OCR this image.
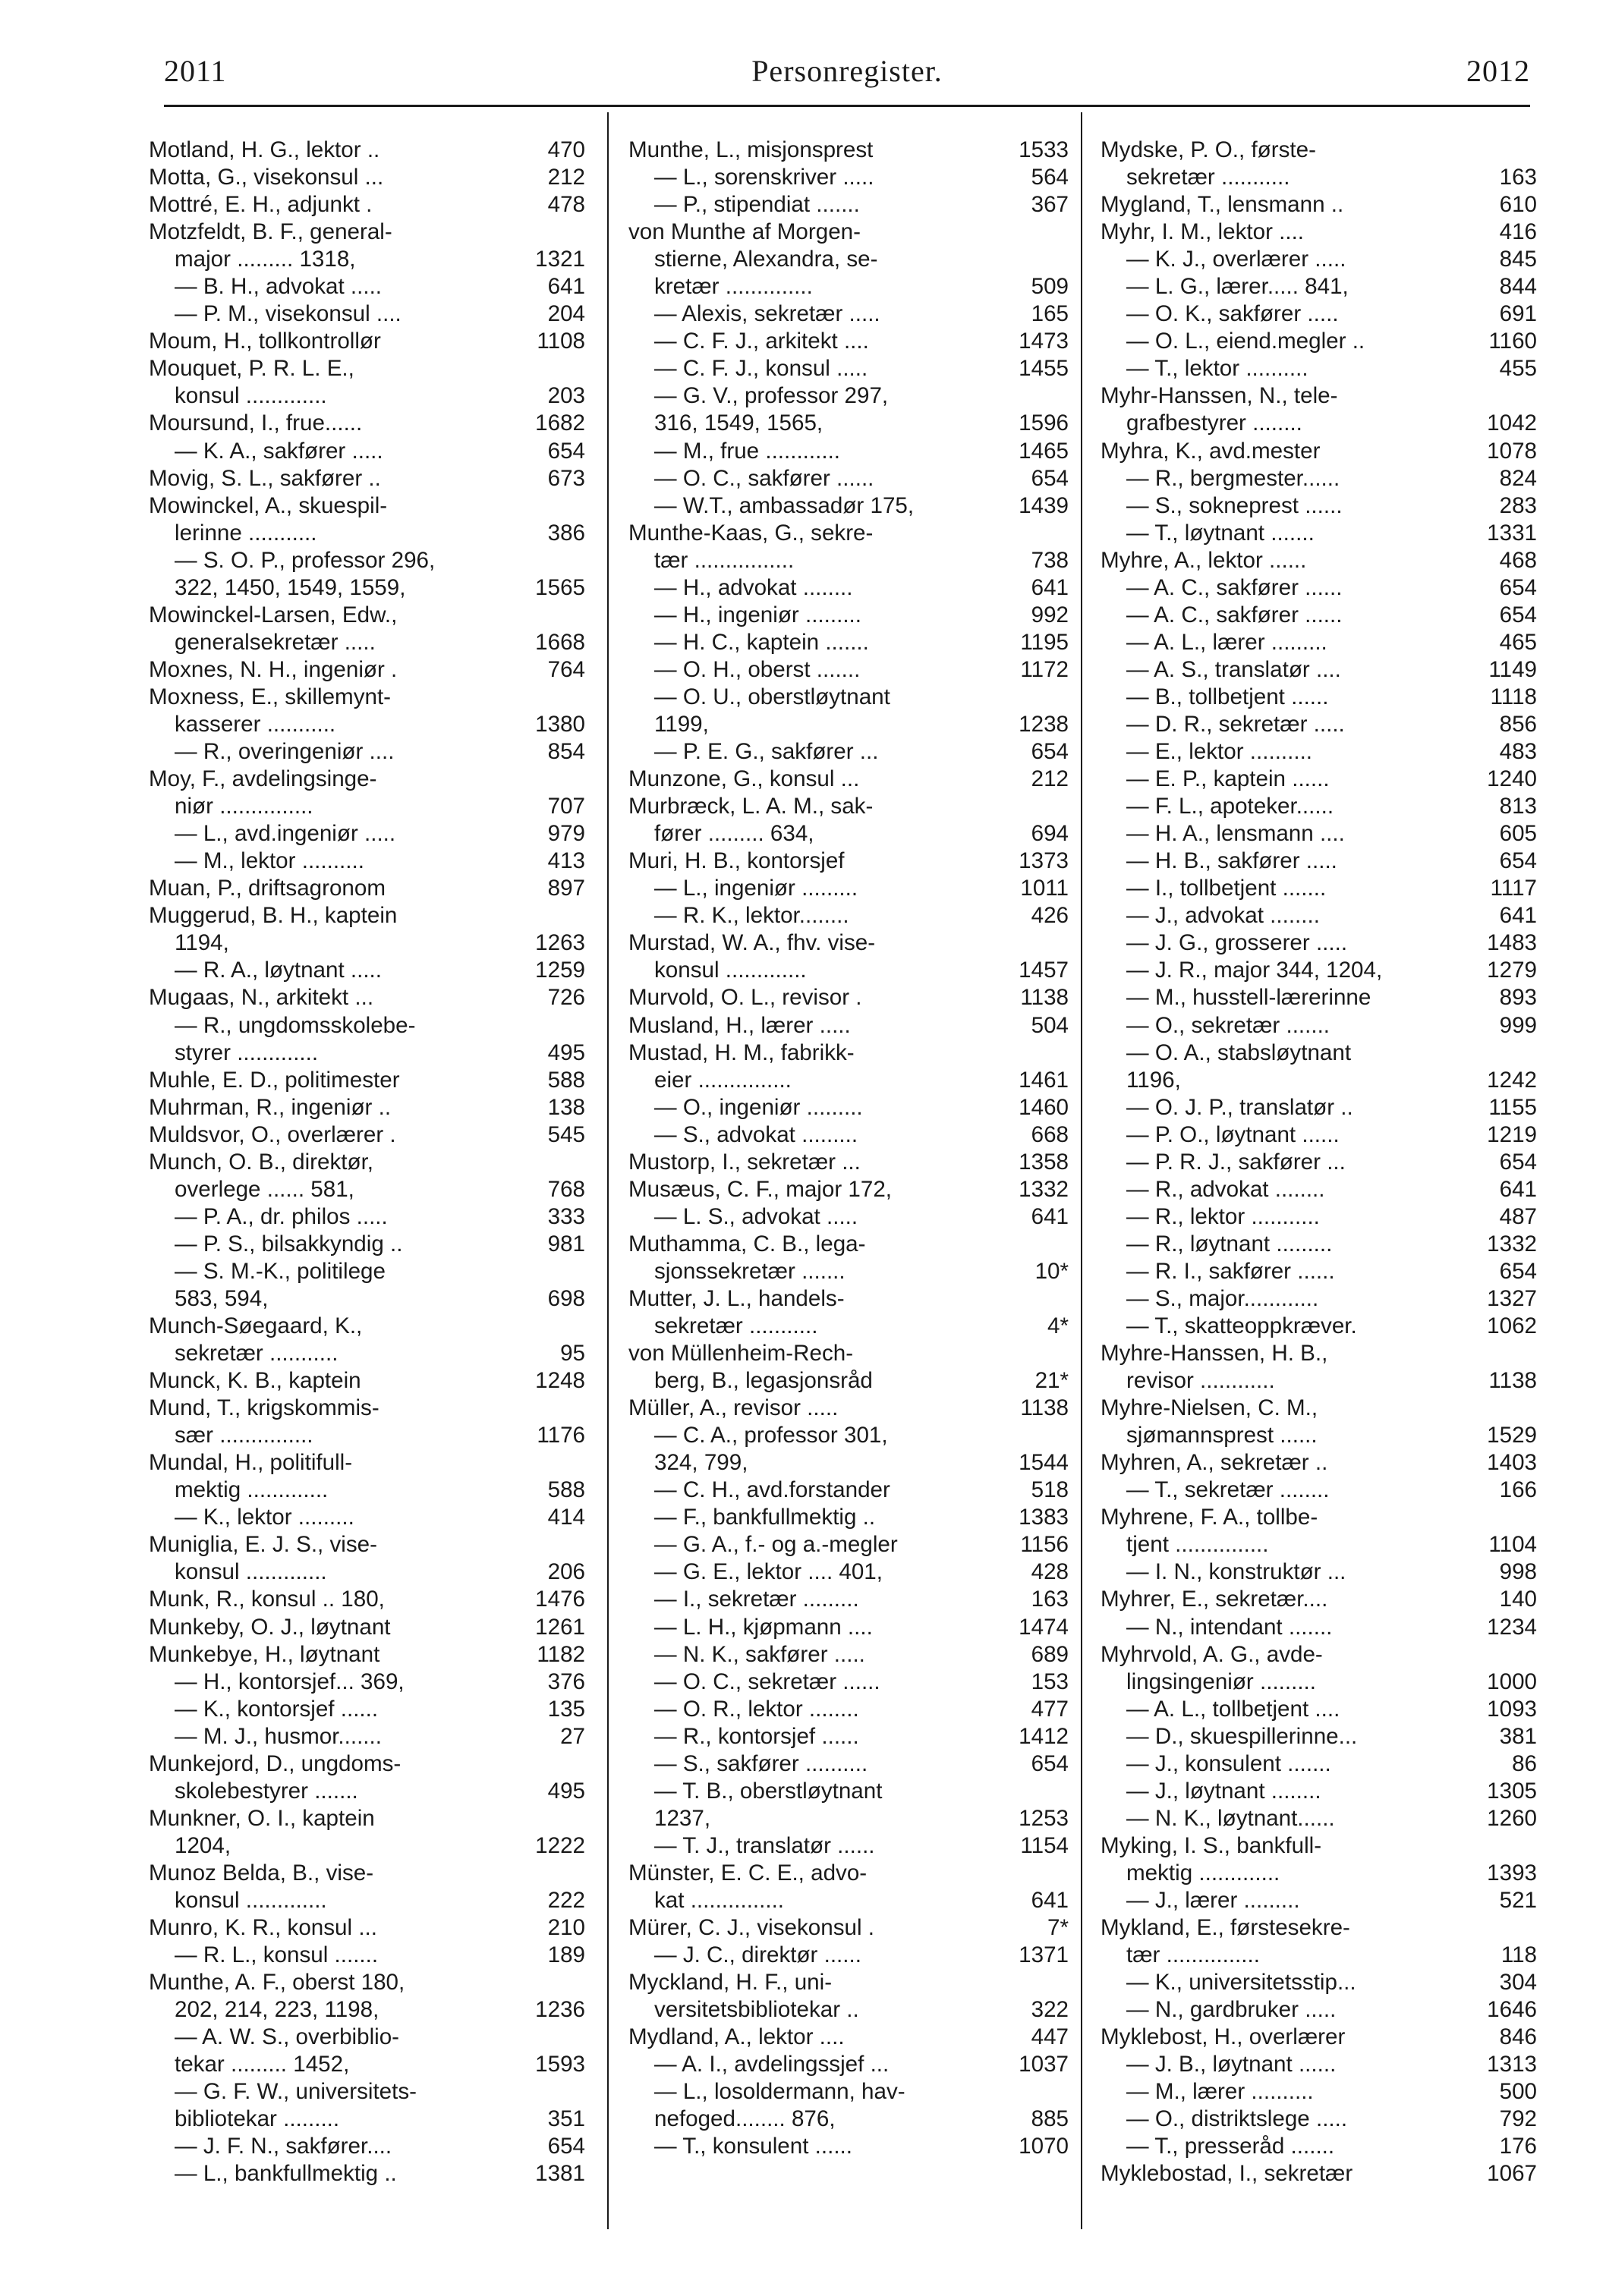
2011	Personregister.	2012
Motland, H. G., lektor ..	470
Motta, G., visekonsul ...	212
Mottré, E. H., adjunkt .	478
Motzfeldt, B. F., general-
major ......... 1318,	1321
— B. H., advokat .....	641
— P. M., visekonsul ....	204
Moum, H., tollkontrollør	1108
Mouquet, P. R. L. E.,
konsul .............	203
Moursund, I., frue......	1682
— K. A., sakfører .....	654
Movig, S. L., sakfører ..	673
Mowinckel, A., skuespil-
lerinne ...........	386
— S. O. P., professor 296,
322, 1450, 1549, 1559,	1565
Mowinckel-Larsen, Edw.,
generalsekretær .....	1668
Moxnes, N. H., ingeniør .	764
Moxness, E., skillemynt-
kasserer ...........	1380
— R., overingeniør ....	854
Moy, F., avdelingsinge-
niør ...............	707
— L., avd.ingeniør .....	979
— M., lektor ..........	413
Muan, P., driftsagronom	897
Muggerud, B. H., kaptein
1194,	1263
— R. A., løytnant .....	1259
Mugaas, N., arkitekt ...	726
— R., ungdomsskolebe-
styrer .............	495
Muhle, E. D., politimester	588
Muhrman, R., ingeniør ..	138
Muldsvor, O., overlærer .	545
Munch, O. B., direktør,
overlege ...... 581,	768
— P. A., dr. philos .....	333
— P. S., bilsakkyndig ..	981
— S. M.-K., politilege
583, 594,	698
Munch-Søegaard, K.,
sekretær ...........	95
Munck, K. B., kaptein	1248
Mund, T., krigskommis-
sær ...............	1176
Mundal, H., politifull-
mektig .............	588
— K., lektor .........	414
Muniglia, E. J. S., vise-
konsul .............	206
Munk, R., konsul .. 180,	1476
Munkeby, O. J., løytnant	1261
Munkebye, H., løytnant	1182
— H., kontorsjef... 369,	376
— K., kontorsjef ......	135
— M. J., husmor.......	27
Munkejord, D., ungdoms-
skolebestyrer .......	495
Munkner, O. I., kaptein
1204,	1222
Munoz Belda, B., vise-
konsul .............	222
Munro, K. R., konsul ...	210
— R. L., konsul .......	189
Munthe, A. F., oberst 180,
202, 214, 223, 1198,	1236
— A. W. S., overbiblio-
tekar ......... 1452,	1593
— G. F. W., universitets-
bibliotekar .........	351
— J. F. N., sakfører....	654
— L., bankfullmektig ..	1381
Munthe, L., misjonsprest	1533
— L., sorenskriver .....	564
— P., stipendiat .......	367
von Munthe af Morgen-
stierne, Alexandra, se-
kretær ..............	509
— Alexis, sekretær .....	165
— C. F. J., arkitekt ....	1473
— C. F. J., konsul .....	1455
— G. V., professor 297,
316, 1549, 1565,	1596
— M., frue ............	1465
— O. C., sakfører ......	654
— W.T., ambassadør 175,	1439
Munthe-Kaas, G., sekre-
tær ................	738
— H., advokat ........	641
— H., ingeniør .........	992
— H. C., kaptein .......	1195
— O. H., oberst .......	1172
— O. U., oberstløytnant
1199,	1238
— P. E. G., sakfører ...	654
Munzone, G., konsul ...	212
Murbræck, L. A. M., sak-
fører ......... 634,	694
Muri, H. B., kontorsjef	1373
— L., ingeniør .........	1011
— R. K., lektor........	426
Murstad, W. A., fhv. vise-
konsul .............	1457
Murvold, O. L., revisor .	1138
Musland, H., lærer .....	504
Mustad, H. M., fabrikk-
eier ...............	1461
— O., ingeniør .........	1460
— S., advokat .........	668
Mustorp, I., sekretær ...	1358
Musæus, C. F., major 172,	1332
— L. S., advokat .....	641
Muthamma, C. B., lega-
sjonssekretær .......	10*
Mutter, J. L., handels-
sekretær ...........	4*
von Müllenheim-Rech-
berg, B., legasjonsråd	21*
Müller, A., revisor .....	1138
— C. A., professor 301,
324, 799,	1544
— C. H., avd.forstander	518
— F., bankfullmektig ..	1383
— G. A., f.- og a.-megler	1156
— G. E., lektor .... 401,	428
— I., sekretær .........	163
— L. H., kjøpmann ....	1474
— N. K., sakfører .....	689
— O. C., sekretær ......	153
— O. R., lektor ........	477
— R., kontorsjef ......	1412
— S., sakfører ..........	654
— T. B., oberstløytnant
1237,	1253
— T. J., translatør ......	1154
Münster, E. C. E., advo-
kat ...............	641
Mürer, C. J., visekonsul .	7*
— J. C., direktør ......	1371
Myckland, H. F., uni-
versitetsbibliotekar ..	322
Mydland, A., lektor ....	447
— A. I., avdelingssjef ...	1037
— L., losoldermann, hav-
nefoged........ 876,	885
— T., konsulent ......	1070
Mydske, P. O., første-
sekretær ...........	163
Mygland, T., lensmann ..	610
Myhr, I. M., lektor ....	416
— K. J., overlærer .....	845
— L. G., lærer..... 841,	844
— O. K., sakfører .....	691
— O. L., eiend.megler ..	1160
— T., lektor ..........	455
Myhr-Hanssen, N., tele-
grafbestyrer ........	1042
Myhra, K., avd.mester	1078
— R., bergmester......	824
— S., sokneprest ......	283
— T., løytnant .......	1331
Myhre, A., lektor ......	468
— A. C., sakfører ......	654
— A. C., sakfører ......	654
— A. L., lærer .........	465
— A. S., translatør ....	1149
— B., tollbetjent ......	1118
— D. R., sekretær .....	856
— E., lektor ..........	483
— E. P., kaptein ......	1240
— F. L., apoteker......	813
— H. A., lensmann ....	605
— H. B., sakfører .....	654
— I., tollbetjent .......	1117
— J., advokat ........	641
— J. G., grosserer .....	1483
— J. R., major 344, 1204,	1279
— M., husstell-lærerinne	893
— O., sekretær .......	999
— O. A., stabsløytnant
1196,	1242
— O. J. P., translatør ..	1155
— P. O., løytnant ......	1219
— P. R. J., sakfører ...	654
— R., advokat ........	641
— R., lektor ...........	487
— R., løytnant .........	1332
— R. I., sakfører ......	654
— S., major............	1327
— T., skatteoppkræver.	1062
Myhre-Hanssen, H. B.,
revisor ............	1138
Myhre-Nielsen, C. M.,
sjømannsprest ......	1529
Myhren, A., sekretær ..	1403
— T., sekretær ........	166
Myhrene, F. A., tollbe-
tjent ...............	1104
— I. N., konstruktør ...	998
Myhrer, E., sekretær....	140
— N., intendant .......	1234
Myhrvold, A. G., avde-
lingsingeniør .........	1000
— A. L., tollbetjent ....	1093
— D., skuespillerinne...	381
— J., konsulent .......	86
— J., løytnant ........	1305
— N. K., løytnant......	1260
Myking, I. S., bankfull-
mektig .............	1393
— J., lærer .........	521
Mykland, E., førstesekre-
tær ...............	118
— K., universitetsstip...	304
— N., gardbruker .....	1646
Myklebost, H., overlærer	846
— J. B., løytnant ......	1313
— M., lærer ..........	500
— O., distriktslege .....	792
— T., presseråd .......	176
Myklebostad, I., sekretær	1067
